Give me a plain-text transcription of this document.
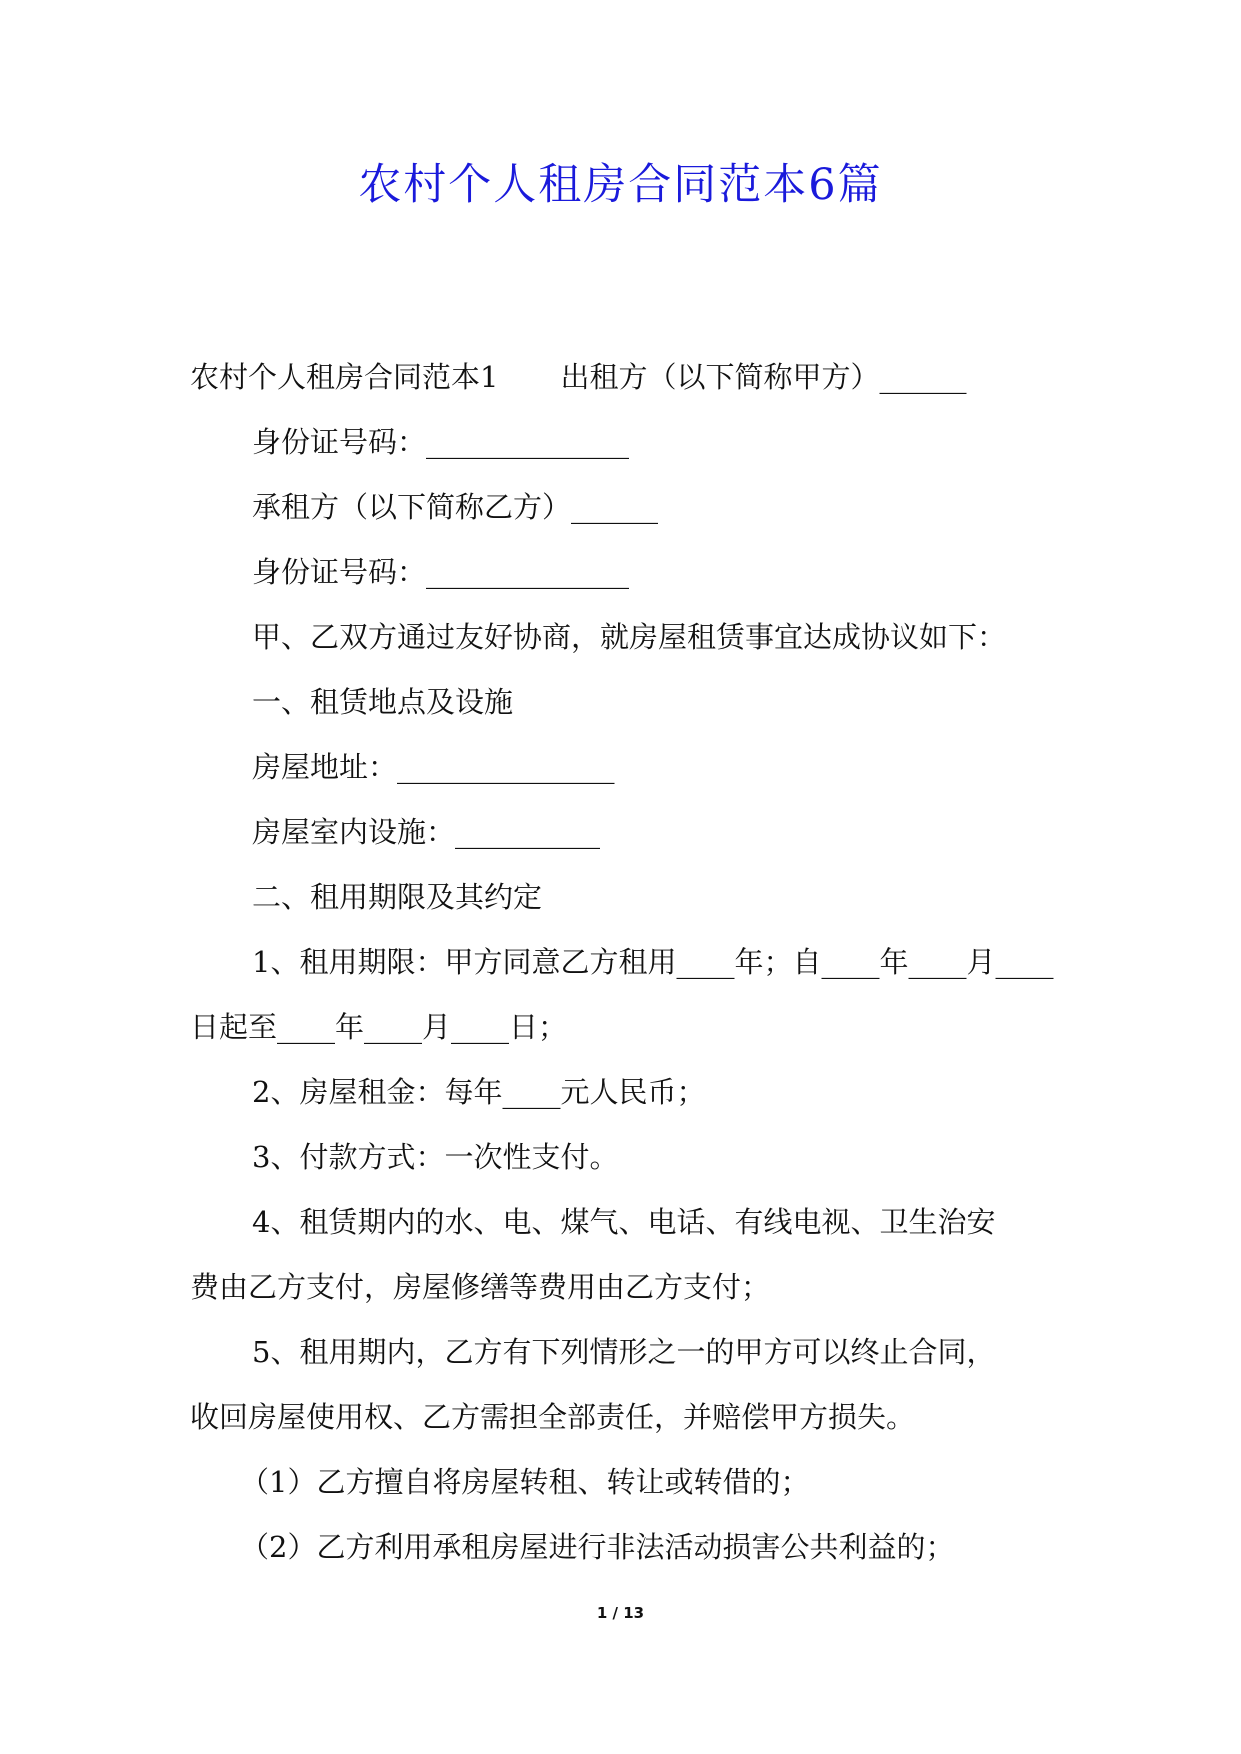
农村个人租房合同范本6篇
农村个人租房合同范本1 出租方（以下简称甲方）______
身份证号码：______________
承租方（以下简称乙方）______
身份证号码：______________
甲、乙双方通过友好协商，就房屋租赁事宜达成协议如下：
一、租赁地点及设施
房屋地址：_______________
房屋室内设施：__________
二、租用期限及其约定
1、租用期限：甲方同意乙方租用____年；自____年____月____
日起至____年____月____日；
2、房屋租金：每年____元人民币；
3、付款方式：一次性支付。
4、租赁期内的水、电、煤气、电话、有线电视、卫生治安
费由乙方支付，房屋修缮等费用由乙方支付；
5、租用期内，乙方有下列情形之一的甲方可以终止合同，
收回房屋使用权、乙方需担全部责任，并赔偿甲方损失。
（1）乙方擅自将房屋转租、转让或转借的；
（2）乙方利用承租房屋进行非法活动损害公共利益的；
1 / 13
